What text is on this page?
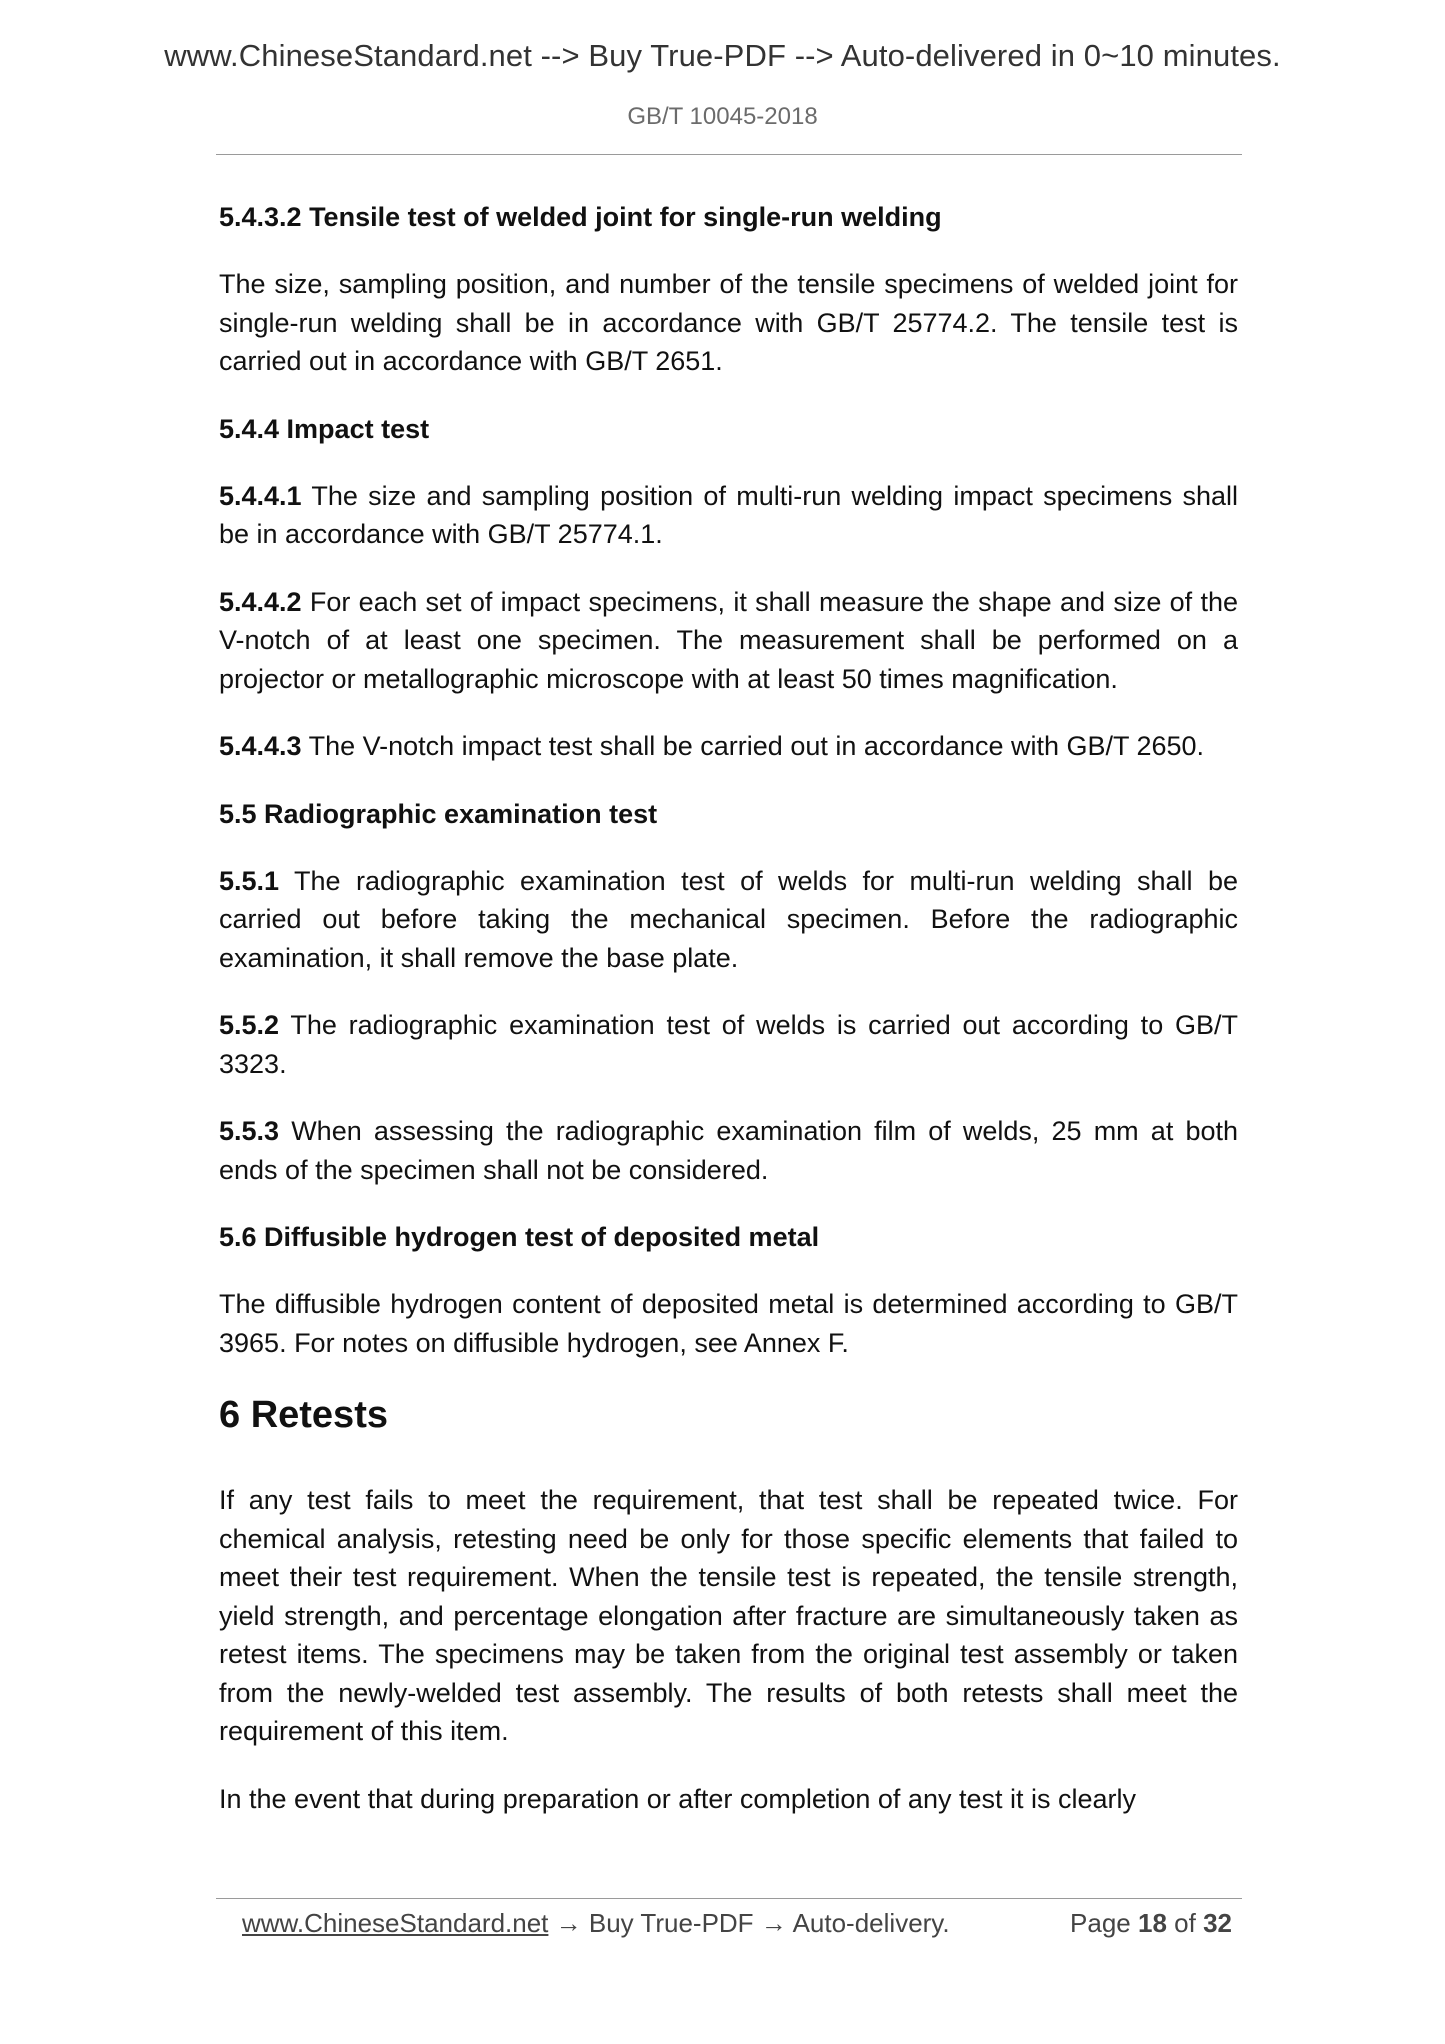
www.ChineseStandard.net --> Buy True-PDF --> Auto-delivered in 0~10 minutes.
GB/T 10045-2018
5.4.3.2 Tensile test of welded joint for single-run welding

The size, sampling position, and number of the tensile specimens of welded joint for single-run welding shall be in accordance with GB/T 25774.2. The tensile test is carried out in accordance with GB/T 2651.

5.4.4 Impact test

5.4.4.1 The size and sampling position of multi-run welding impact specimens shall be in accordance with GB/T 25774.1.

5.4.4.2 For each set of impact specimens, it shall measure the shape and size of the V-notch of at least one specimen. The measurement shall be performed on a projector or metallographic microscope with at least 50 times magnification.

5.4.4.3 The V-notch impact test shall be carried out in accordance with GB/T 2650.

5.5 Radiographic examination test

5.5.1 The radiographic examination test of welds for multi-run welding shall be carried out before taking the mechanical specimen. Before the radiographic examination, it shall remove the base plate.

5.5.2 The radiographic examination test of welds is carried out according to GB/T 3323.

5.5.3 When assessing the radiographic examination film of welds, 25 mm at both ends of the specimen shall not be considered.

5.6 Diffusible hydrogen test of deposited metal

The diffusible hydrogen content of deposited metal is determined according to GB/T 3965. For notes on diffusible hydrogen, see Annex F.

6 Retests

If any test fails to meet the requirement, that test shall be repeated twice. For chemical analysis, retesting need be only for those specific elements that failed to meet their test requirement. When the tensile test is repeated, the tensile strength, yield strength, and percentage elongation after fracture are simultaneously taken as retest items. The specimens may be taken from the original test assembly or taken from the newly-welded test assembly. The results of both retests shall meet the requirement of this item.

In the event that during preparation or after completion of any test it is clearly

www.ChineseStandard.net → Buy True-PDF → Auto-delivery.	Page 18 of 32
